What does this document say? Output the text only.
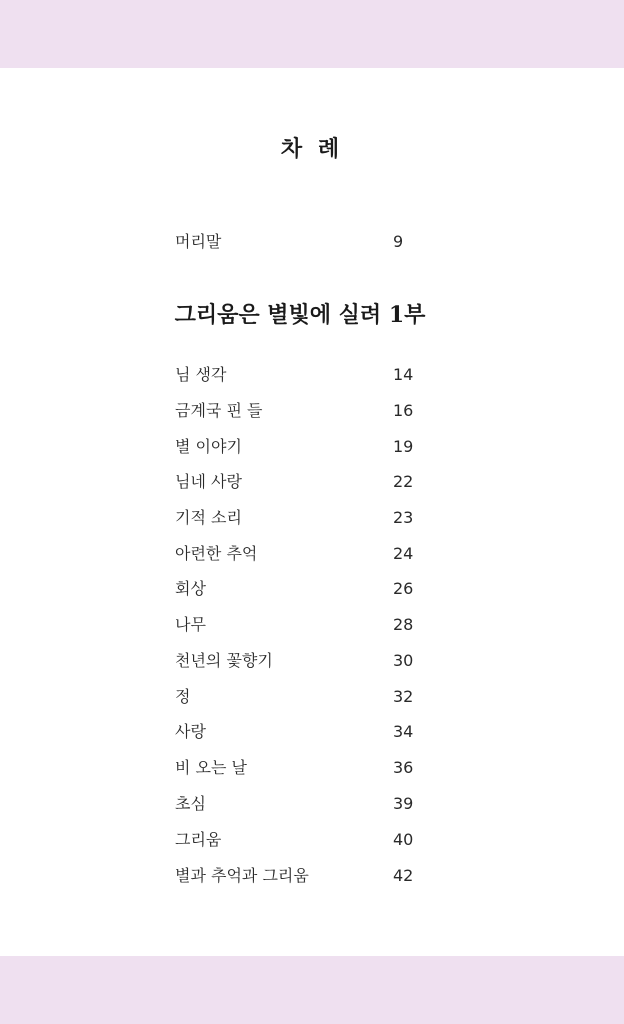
차 례
머리말	9
그리움은 별빛에 실려 1부
님 생각	14
금계국 핀 들	16
별 이야기	19
님네 사랑	22
기적 소리	23
아련한 추억	24
회상	26
나무	28
천년의 꽃향기	30
정	32
사랑	34
비 오는 날	36
초심	39
그리움	40
별과 추억과 그리움	42
